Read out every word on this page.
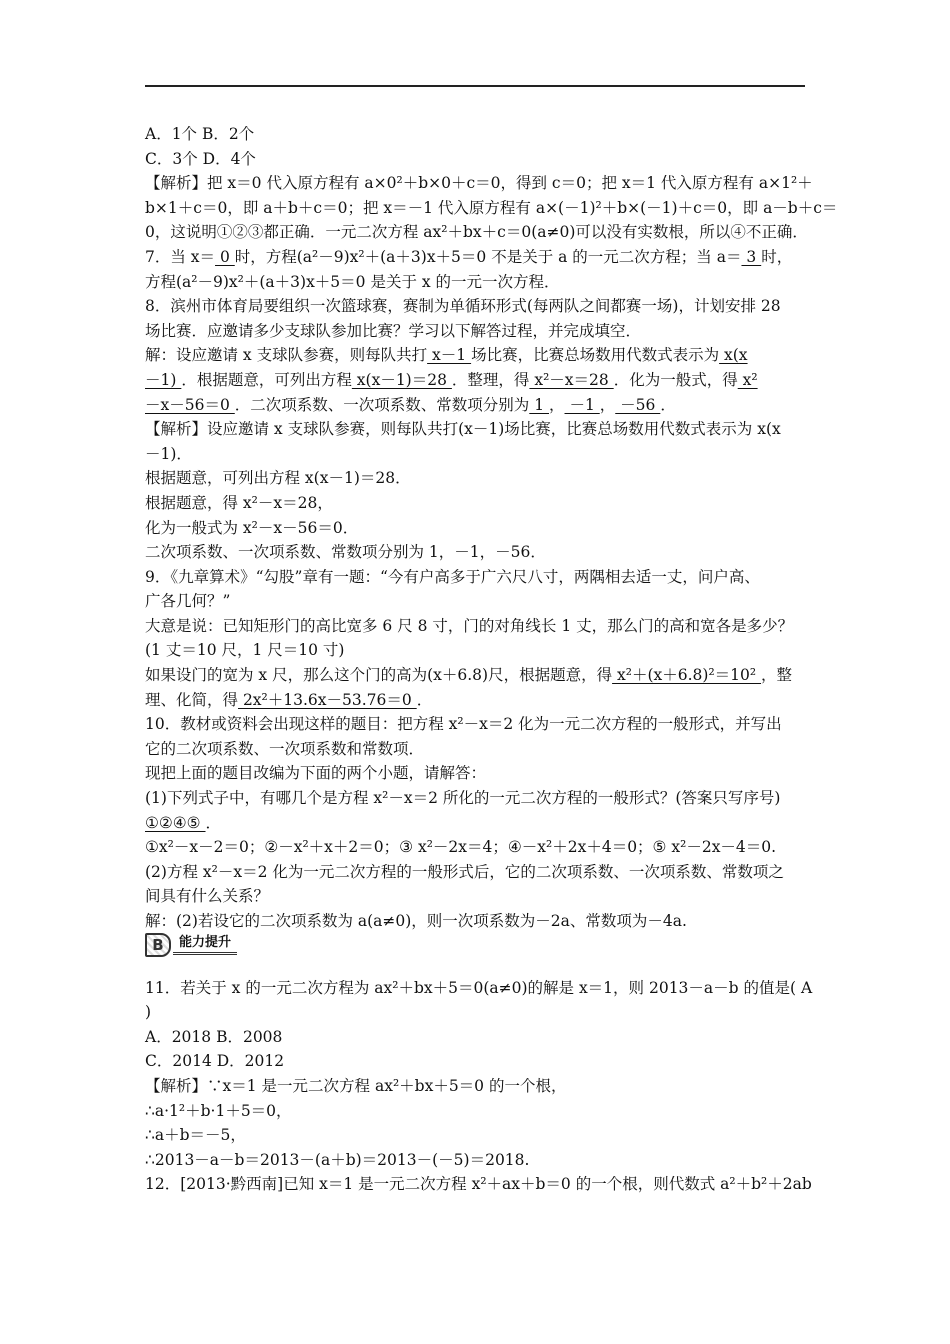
A．1个 B．2个

C．3个 D．4个

【解析】把 x＝0 代入原方程有 a×0²＋b×0＋c＝0，得到 c＝0；把 x＝1 代入原方程有 a×1²＋

b×1＋c＝0，即 a＋b＋c＝0；把 x＝－1 代入原方程有 a×(－1)²＋b×(－1)＋c＝0，即 a－b＋c＝

0，这说明①②③都正确．一元二次方程 ax²＋bx＋c＝0(a≠0)可以没有实数根，所以④不正确．

7．当 x＝ 0 时，方程(a²－9)x²＋(a＋3)x＋5＝0 不是关于 a 的一元二次方程；当 a＝ 3 时，

方程(a²－9)x²＋(a＋3)x＋5＝0 是关于 x 的一元一次方程．

8．滨州市体育局要组织一次篮球赛，赛制为单循环形式(每两队之间都赛一场)，计划安排 28

场比赛．应邀请多少支球队参加比赛？学习以下解答过程，并完成填空．

解：设应邀请 x 支球队参赛，则每队共打 x－1 场比赛，比赛总场数用代数式表示为 x(x

－1) ．根据题意，可列出方程 x(x－1)＝28 ．整理，得 x²－x＝28 ．化为一般式，得 x²

－x－56＝0 ．二次项系数、一次项系数、常数项分别为 1 ， －1 ， －56 ．

【解析】设应邀请 x 支球队参赛，则每队共打(x－1)场比赛，比赛总场数用代数式表示为 x(x

－1)．

根据题意，可列出方程 x(x－1)＝28．

根据题意，得 x²－x＝28，

化为一般式为 x²－x－56＝0．

二次项系数、一次项系数、常数项分别为 1，－1，－56．

9．《九章算术》“勾股”章有一题：“今有户高多于广六尺八寸，两隅相去适一丈，问户高、

广各几何？”

大意是说：已知矩形门的高比宽多 6 尺 8 寸，门的对角线长 1 丈，那么门的高和宽各是多少？

(1 丈＝10 尺，1 尺＝10 寸)

如果设门的宽为 x 尺，那么这个门的高为(x＋6.8)尺，根据题意，得 x²＋(x＋6.8)²＝10² ，整

理、化简，得 2x²＋13.6x－53.76＝0 ．

10．教材或资料会出现这样的题目：把方程 x²－x＝2 化为一元二次方程的一般形式，并写出

它的二次项系数、一次项系数和常数项．

现把上面的题目改编为下面的两个小题，请解答：

(1)下列式子中，有哪几个是方程 x²－x＝2 所化的一元二次方程的一般形式？(答案只写序号)

①②④⑤ ．

①x²－x－2＝0；②－x²＋x＋2＝0；③ x²－2x＝4；④－x²＋2x＋4＝0；⑤ x²－2x－4＝0.

(2)方程 x²－x＝2 化为一元二次方程的一般形式后，它的二次项系数、一次项系数、常数项之

间具有什么关系？

解：(2)若设它的二次项系数为 a(a≠0)，则一次项系数为－2a、常数项为－4a.

B	能力提升

11．若关于 x 的一元二次方程为 ax²＋bx＋5＝0(a≠0)的解是 x＝1，则 2013－a－b 的值是( A

)

A．2018 B．2008

C．2014 D．2012

【解析】∵x＝1 是一元二次方程 ax²＋bx＋5＝0 的一个根，

∴a·1²＋b·1＋5＝0，

∴a＋b＝－5，

∴2013－a－b＝2013－(a＋b)＝2013－(－5)＝2018.

12．[2013·黔西南]已知 x＝1 是一元二次方程 x²＋ax＋b＝0 的一个根，则代数式 a²＋b²＋2ab
